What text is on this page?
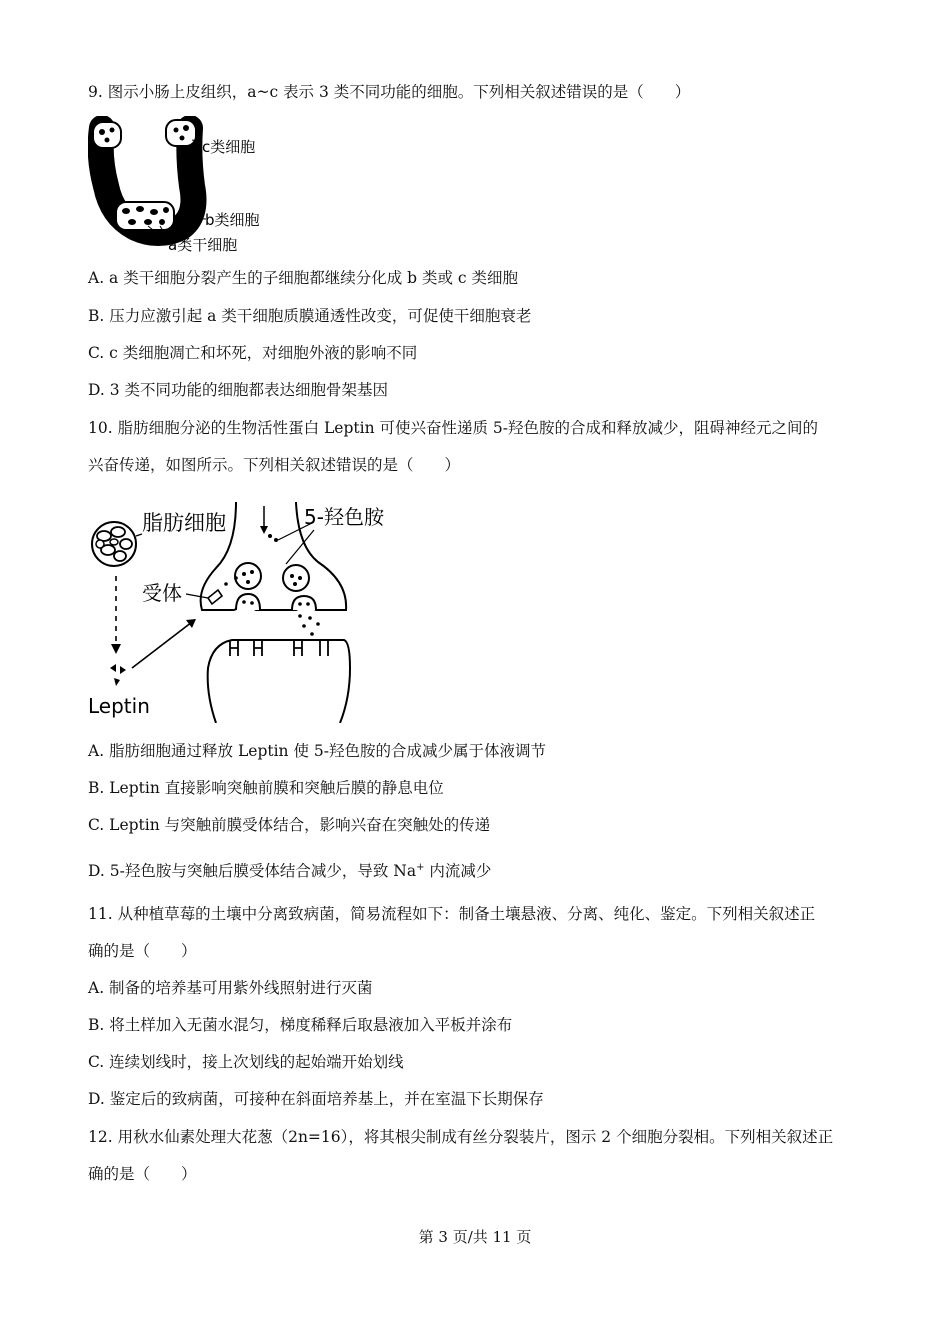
9. 图示小肠上皮组织，a~c 表示 3 类不同功能的细胞。下列相关叙述错误的是（　　）
c类细胞
b类细胞
a类干细胞
A. a 类干细胞分裂产生的子细胞都继续分化成 b 类或 c 类细胞
B. 压力应激引起 a 类干细胞质膜通透性改变，可促使干细胞衰老
C. c 类细胞凋亡和坏死，对细胞外液的影响不同
D. 3 类不同功能的细胞都表达细胞骨架基因
10. 脂肪细胞分泌的生物活性蛋白 Leptin 可使兴奋性递质 5-羟色胺的合成和释放减少，阻碍神经元之间的
兴奋传递，如图所示。下列相关叙述错误的是（　　）
脂肪细胞
Leptin
受体
5-羟色胺
A. 脂肪细胞通过释放 Leptin 使 5-羟色胺的合成减少属于体液调节
B. Leptin 直接影响突触前膜和突触后膜的静息电位
C. Leptin 与突触前膜受体结合，影响兴奋在突触处的传递
D. 5-羟色胺与突触后膜受体结合减少，导致 Na+ 内流减少
11. 从种植草莓的土壤中分离致病菌，简易流程如下：制备土壤悬液、分离、纯化、鉴定。下列相关叙述正
确的是（　　）
A. 制备的培养基可用紫外线照射进行灭菌
B. 将土样加入无菌水混匀，梯度稀释后取悬液加入平板并涂布
C. 连续划线时，接上次划线的起始端开始划线
D. 鉴定后的致病菌，可接种在斜面培养基上，并在室温下长期保存
12. 用秋水仙素处理大花葱（2n=16），将其根尖制成有丝分裂装片，图示 2 个细胞分裂相。下列相关叙述正
确的是（　　）
第 3 页/共 11 页
